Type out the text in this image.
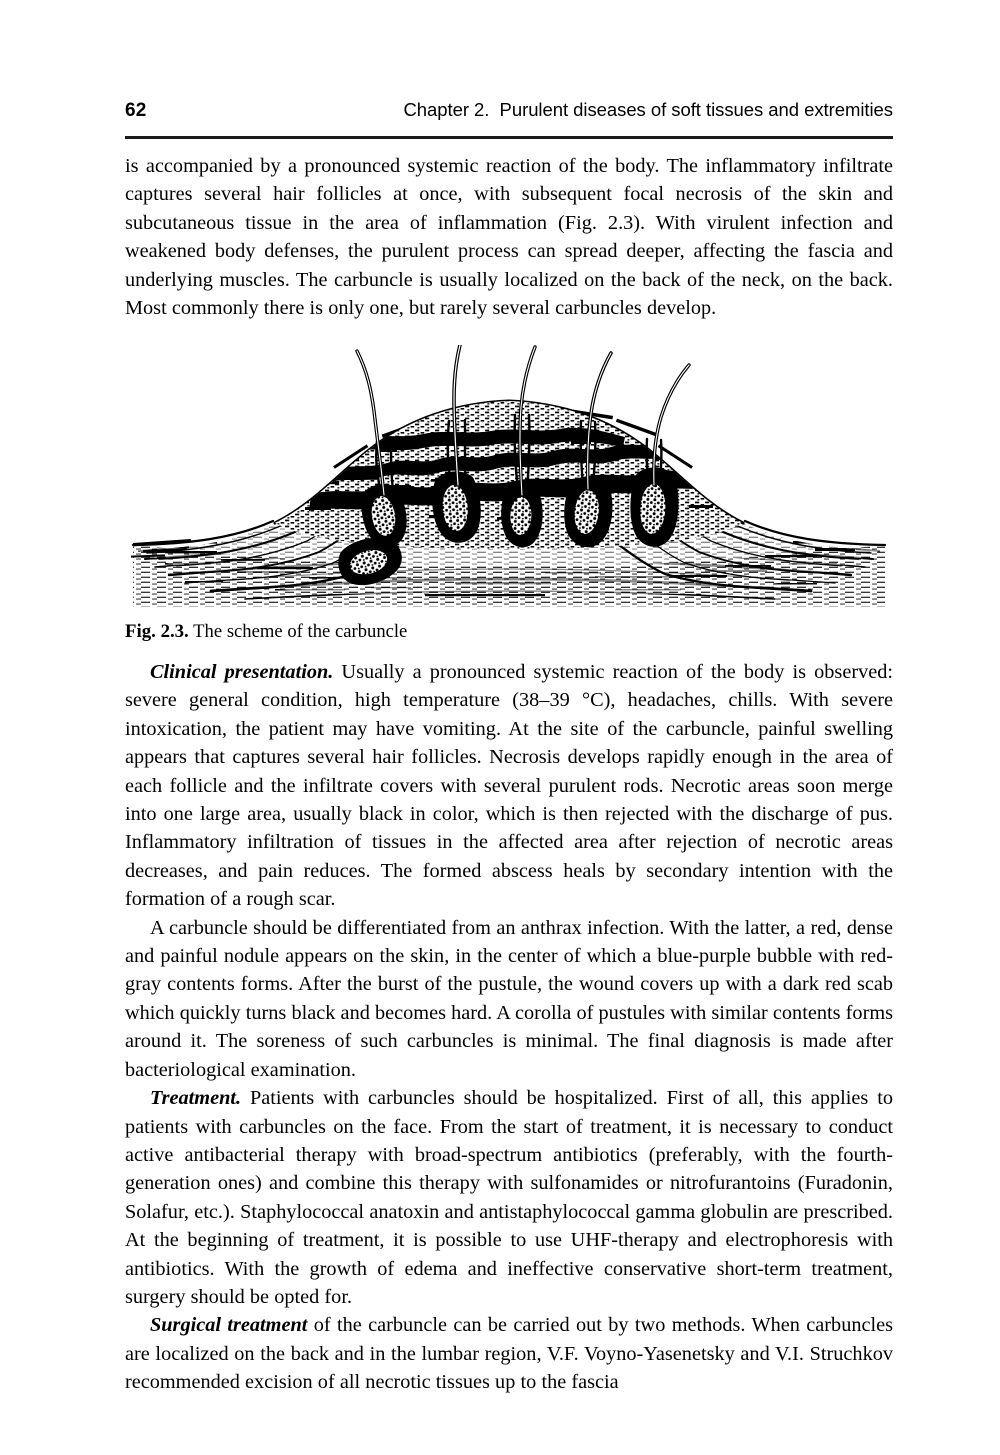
62	Chapter 2.  Purulent diseases of soft tissues and extremities

is accompanied by a pronounced systemic reaction of the body. The inflammatory infiltrate captures several hair follicles at once, with subsequent focal necrosis of the skin and subcutaneous tissue in the area of inflammation (Fig. 2.3). With virulent infection and weakened body defenses, the purulent process can spread deeper, affecting the fascia and underlying muscles. The carbuncle is usually localized on the back of the neck, on the back. Most commonly there is only one, but rarely several carbuncles develop.

Fig. 2.3. The scheme of the carbuncle

Clinical presentation. Usually a pronounced systemic reaction of the body is observed: severe general condition, high temperature (38–39 °C), headaches, chills. With severe intoxication, the patient may have vomiting. At the site of the carbuncle, painful swelling appears that captures several hair follicles. Necrosis develops rapidly enough in the area of each follicle and the infiltrate covers with several purulent rods. Necrotic areas soon merge into one large area, usually black in color, which is then rejected with the discharge of pus. Inflammatory infiltration of tissues in the affected area after rejection of necrotic areas decreases, and pain reduces. The formed abscess heals by secondary intention with the formation of a rough scar.

A carbuncle should be differentiated from an anthrax infection. With the latter, a red, dense and painful nodule appears on the skin, in the center of which a blue-purple bubble with red-gray contents forms. After the burst of the pustule, the wound covers up with a dark red scab which quickly turns black and becomes hard. A corolla of pustules with similar contents forms around it. The soreness of such carbuncles is minimal. The final diagnosis is made after bacteriological examination.

Treatment. Patients with carbuncles should be hospitalized. First of all, this applies to patients with carbuncles on the face. From the start of treatment, it is necessary to conduct active antibacterial therapy with broad-spectrum antibiotics (preferably, with the fourth-generation ones) and combine this therapy with sulfonamides or nitrofurantoins (Furadonin, Solafur, etc.). Staphylococcal anatoxin and antistaphylococcal gamma globulin are prescribed. At the beginning of treatment, it is possible to use UHF-therapy and electrophoresis with antibiotics. With the growth of edema and ineffective conservative short-term treatment, surgery should be opted for.

Surgical treatment of the carbuncle can be carried out by two methods. When carbuncles are localized on the back and in the lumbar region, V.F. Voyno-Yasenetsky and V.I. Struchkov recommended excision of all necrotic tissues up to the fascia
